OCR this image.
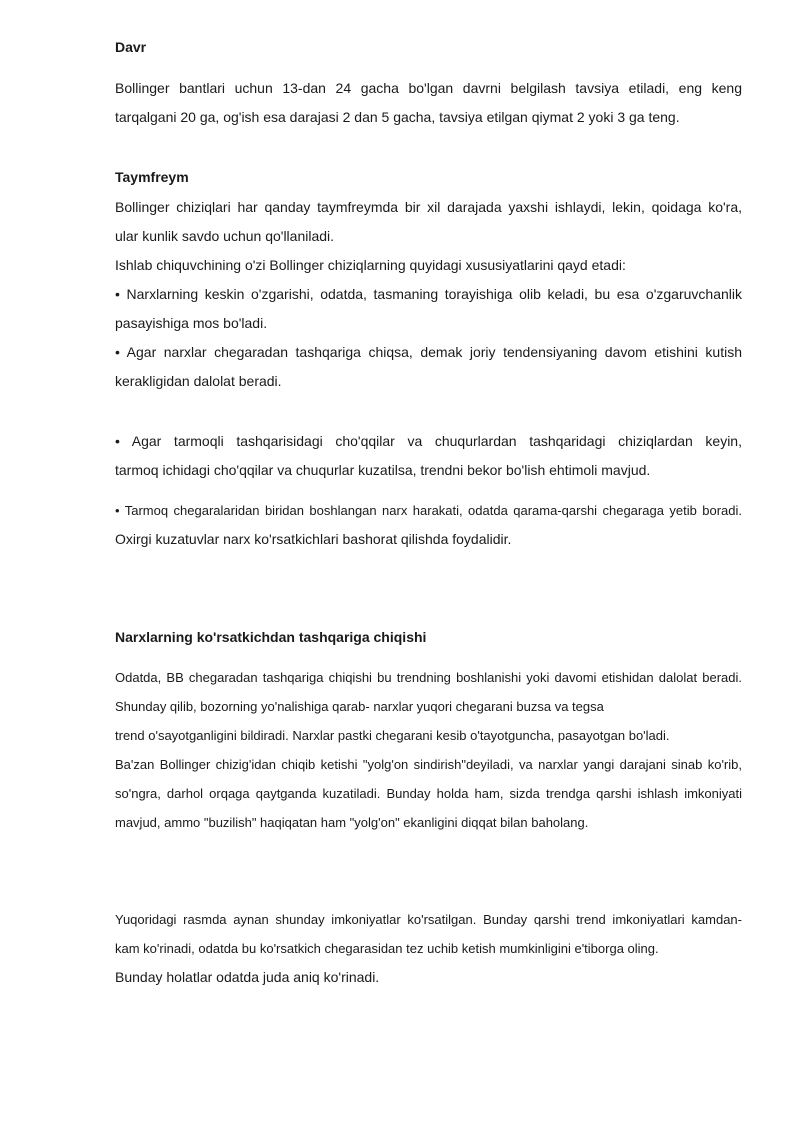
Davr
Bollinger bantlari uchun 13-dan 24 gacha bo'lgan davrni belgilash tavsiya etiladi, eng keng
tarqalgani 20 ga, og'ish esa darajasi 2 dan 5 gacha, tavsiya etilgan qiymat 2 yoki 3 ga teng.
Taymfreym
Bollinger chiziqlari har qanday taymfreymda bir xil darajada yaxshi ishlaydi, lekin, qoidaga ko'ra,
ular kunlik savdo uchun qo'llaniladi.
Ishlab chiquvchining o'zi Bollinger chiziqlarning quyidagi xususiyatlarini qayd etadi:
• Narxlarning keskin o'zgarishi, odatda, tasmaning torayishiga olib keladi, bu esa o'zgaruvchanlik
pasayishiga mos bo'ladi.
• Agar narxlar chegaradan tashqariga chiqsa, demak joriy tendensiyaning davom etishini kutish
kerakligidan dalolat beradi.
• Agar tarmoqli tashqarisidagi cho'qqilar va chuqurlardan tashqaridagi chiziqlardan keyin,
tarmoq ichidagi cho'qqilar va chuqurlar kuzatilsa, trendni bekor bo'lish ehtimoli mavjud.
• Tarmoq chegaralaridan biridan boshlangan narx harakati, odatda qarama-qarshi chegaraga yetib boradi.
Oxirgi kuzatuvlar narx ko'rsatkichlari bashorat qilishda foydalidir.
Narxlarning ko'rsatkichdan tashqariga chiqishi
Odatda, BB chegaradan tashqariga chiqishi bu trendning boshlanishi yoki davomi etishidan dalolat beradi.
Shunday qilib, bozorning yo'nalishiga qarab- narxlar yuqori chegarani buzsa va tegsa
trend o'sayotganligini bildiradi. Narxlar pastki chegarani kesib o'tayotguncha, pasayotgan bo'ladi.
Ba'zan Bollinger chizig'idan chiqib ketishi "yolg'on sindirish"deyiladi, va narxlar yangi darajani sinab ko'rib,
so'ngra, darhol orqaga qaytganda kuzatiladi. Bunday holda ham, sizda trendga qarshi ishlash imkoniyati
mavjud, ammo "buzilish" haqiqatan ham "yolg'on" ekanligini diqqat bilan baholang.
Yuqoridagi rasmda aynan shunday imkoniyatlar ko'rsatilgan. Bunday qarshi trend imkoniyatlari kamdan-
kam ko'rinadi, odatda bu ko'rsatkich chegarasidan tez uchib ketish mumkinligini e'tiborga oling.
Bunday holatlar odatda juda aniq ko'rinadi.
